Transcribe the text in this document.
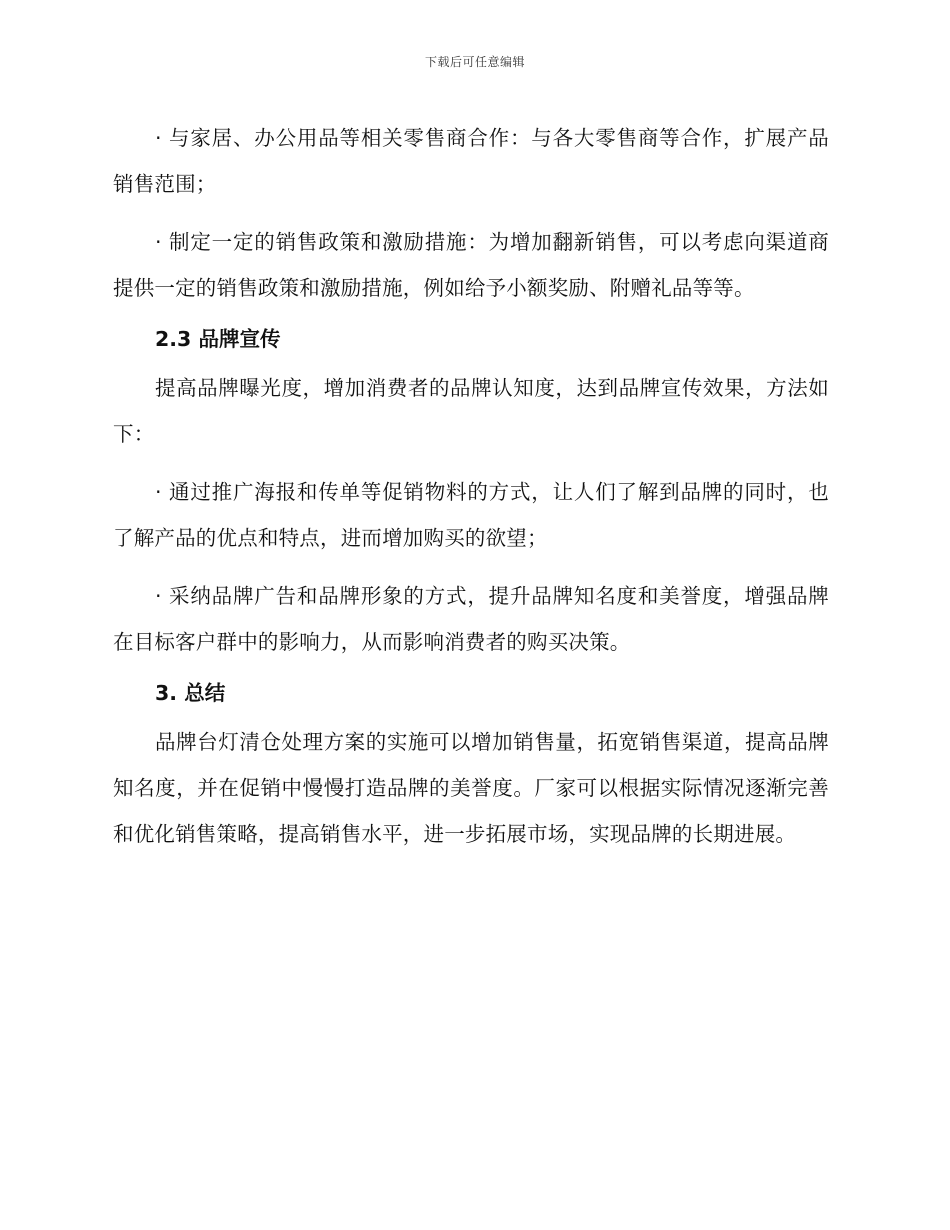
下载后可任意编辑

· 与家居、办公用品等相关零售商合作：与各大零售商等合作，扩展产品销售范围；

· 制定一定的销售政策和激励措施：为增加翻新销售，可以考虑向渠道商提供一定的销售政策和激励措施，例如给予小额奖励、附赠礼品等等。

2.3 品牌宣传

提高品牌曝光度，增加消费者的品牌认知度，达到品牌宣传效果，方法如下：

· 通过推广海报和传单等促销物料的方式，让人们了解到品牌的同时，也了解产品的优点和特点，进而增加购买的欲望；

· 采纳品牌广告和品牌形象的方式，提升品牌知名度和美誉度，增强品牌在目标客户群中的影响力，从而影响消费者的购买决策。

3. 总结

品牌台灯清仓处理方案的实施可以增加销售量，拓宽销售渠道，提高品牌知名度，并在促销中慢慢打造品牌的美誉度。厂家可以根据实际情况逐渐完善和优化销售策略，提高销售水平，进一步拓展市场，实现品牌的长期进展。
